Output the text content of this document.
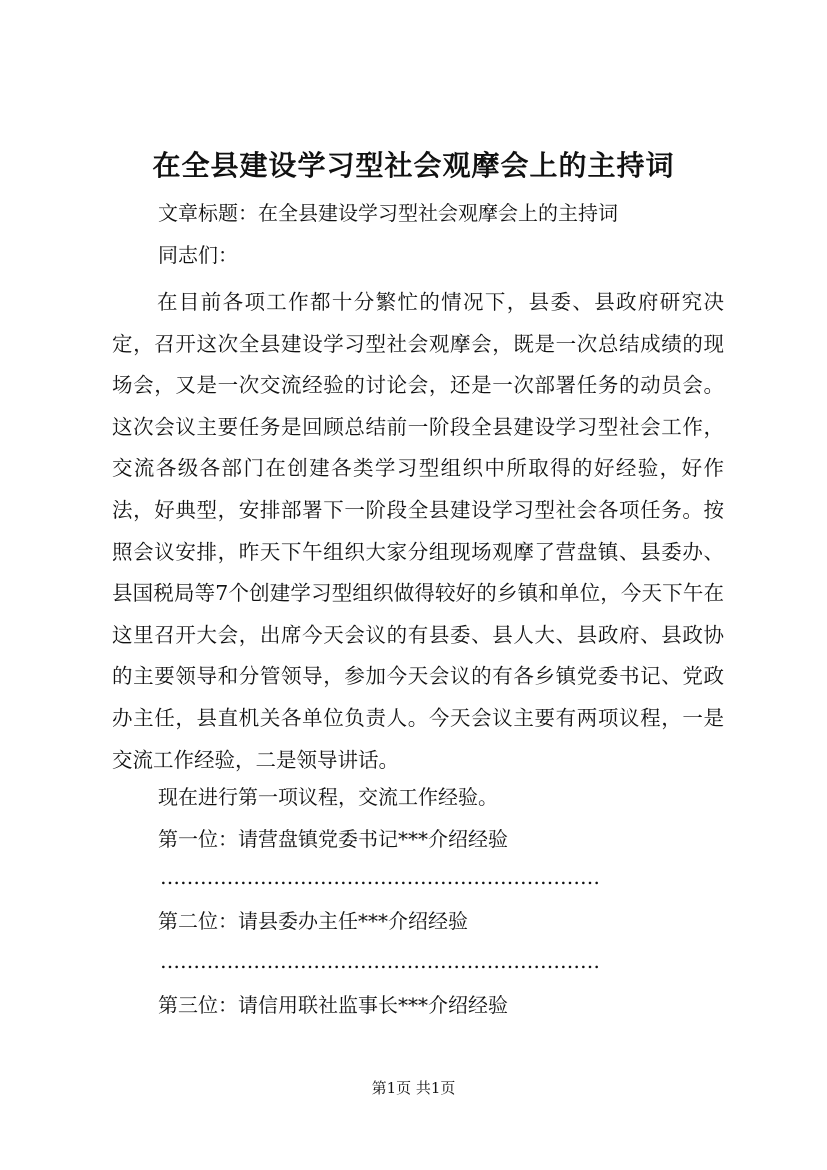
在全县建设学习型社会观摩会上的主持词
文章标题：在全县建设学习型社会观摩会上的主持词
同志们：
在目前各项工作都十分繁忙的情况下，县委、县政府研究决定，召开这次全县建设学习型社会观摩会，既是一次总结成绩的现场会，又是一次交流经验的讨论会，还是一次部署任务的动员会。这次会议主要任务是回顾总结前一阶段全县建设学习型社会工作，交流各级各部门在创建各类学习型组织中所取得的好经验，好作法，好典型，安排部署下一阶段全县建设学习型社会各项任务。按照会议安排，昨天下午组织大家分组现场观摩了营盘镇、县委办、县国税局等7个创建学习型组织做得较好的乡镇和单位，今天下午在这里召开大会，出席今天会议的有县委、县人大、县政府、县政协的主要领导和分管领导，参加今天会议的有各乡镇党委书记、党政办主任，县直机关各单位负责人。今天会议主要有两项议程，一是交流工作经验，二是领导讲话。
现在进行第一项议程，交流工作经验。
第一位：请营盘镇党委书记***介绍经验
…………………………………………………………
第二位：请县委办主任***介绍经验
…………………………………………………………
第三位：请信用联社监事长***介绍经验
第1页 共1页
